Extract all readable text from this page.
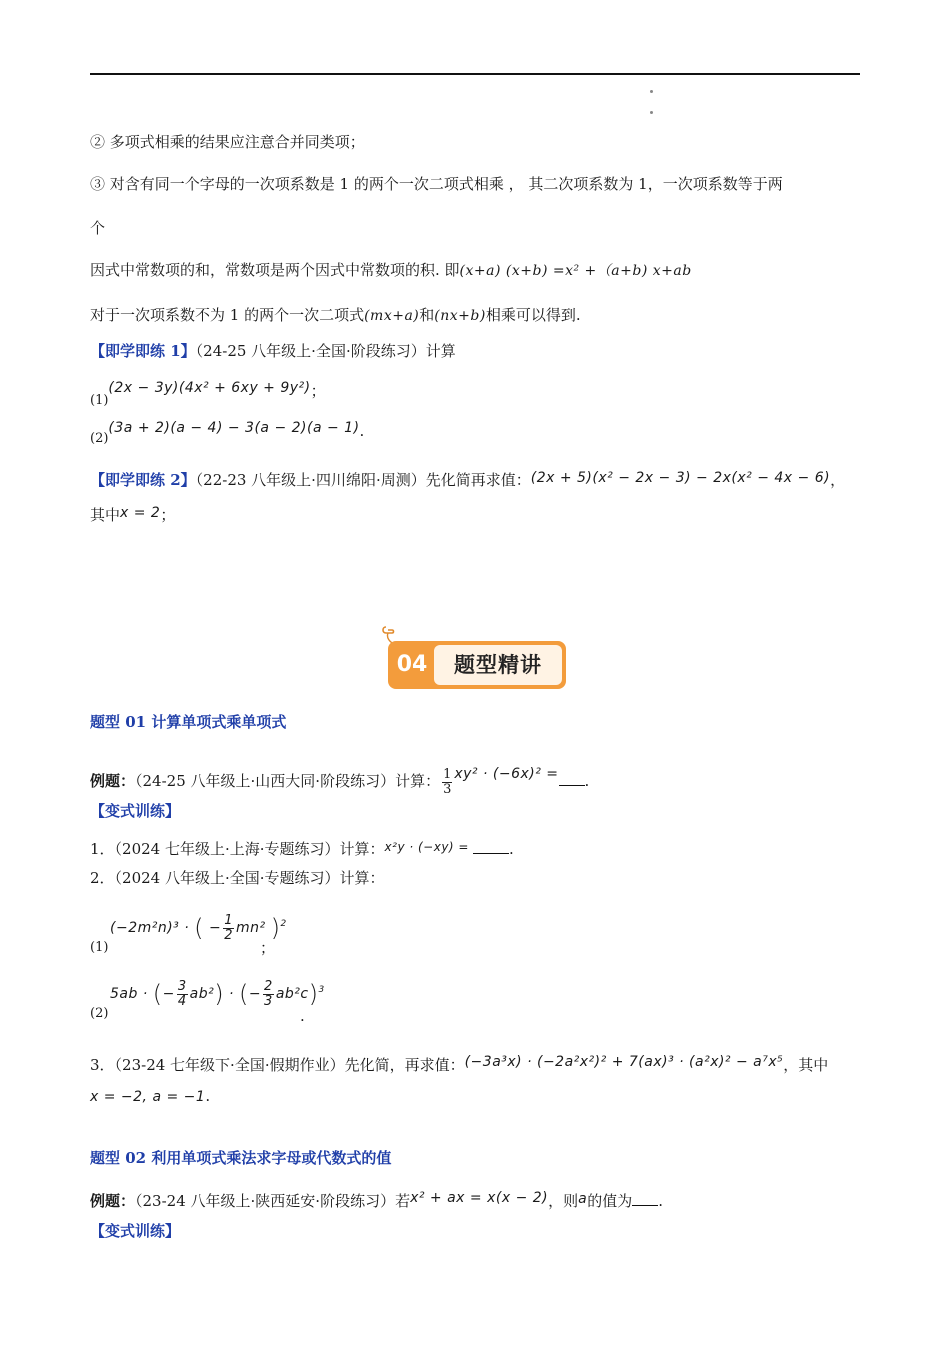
② 多项式相乘的结果应注意合并同类项；
③ 对含有同一个字母的一次项系数是 1 的两个一次二项式相乘 ， 其二次项系数为 1，一次项系数等于两
个
因式中常数项的和，常数项是两个因式中常数项的积. 即(x+a) (x+b) =x² +（a+b) x+ab
对于一次项系数不为 1 的两个一次二项式(mx+a)和(nx+b)相乘可以得到.
【即学即练 1】（24-25 八年级上·全国·阶段练习）计算
(1)(2x − 3y)(4x² + 6xy + 9y²)；
(2)(3a + 2)(a − 4) − 3(a − 2)(a − 1).
【即学即练 2】（22-23 八年级上·四川绵阳·周测）先化简再求值：(2x + 5)(x² − 2x − 3) − 2x(x² − 4x − 6)，
其中x = 2；
04	题型精讲
题型 01 计算单项式乘单项式
例题：（24-25 八年级上·山西大同·阶段练习）计算： $\frac{1}{3} xy^2 \cdot (-6x)^2$ = .
【变式训练】
1．（2024 七年级上·上海·专题练习）计算：$^{x^2y \cdot (-xy) =}$	.
2．（2024 八年级上·全国·专题练习）计算：
(1)
(−2m²n)³ · ( − $\frac{1}{2} mn^2$ )$^2$
；
(2)
5ab · (− $\frac{3}{4} ab^2$) · (− $\frac{2}{3} ab^2c)^3$
.
3．（23-24 七年级下·全国·假期作业）先化简，再求值：(−3a³x) · (−2a²x²)² + 7(ax)³ · (a²x)² − a⁷x⁵，其中
x = −2, a = −1.
题型 02 利用单项式乘法求字母或代数式的值
例题：（23-24 八年级上·陕西延安·阶段练习）若x² + ax = x(x − 2)，则a的值为 .
【变式训练】
